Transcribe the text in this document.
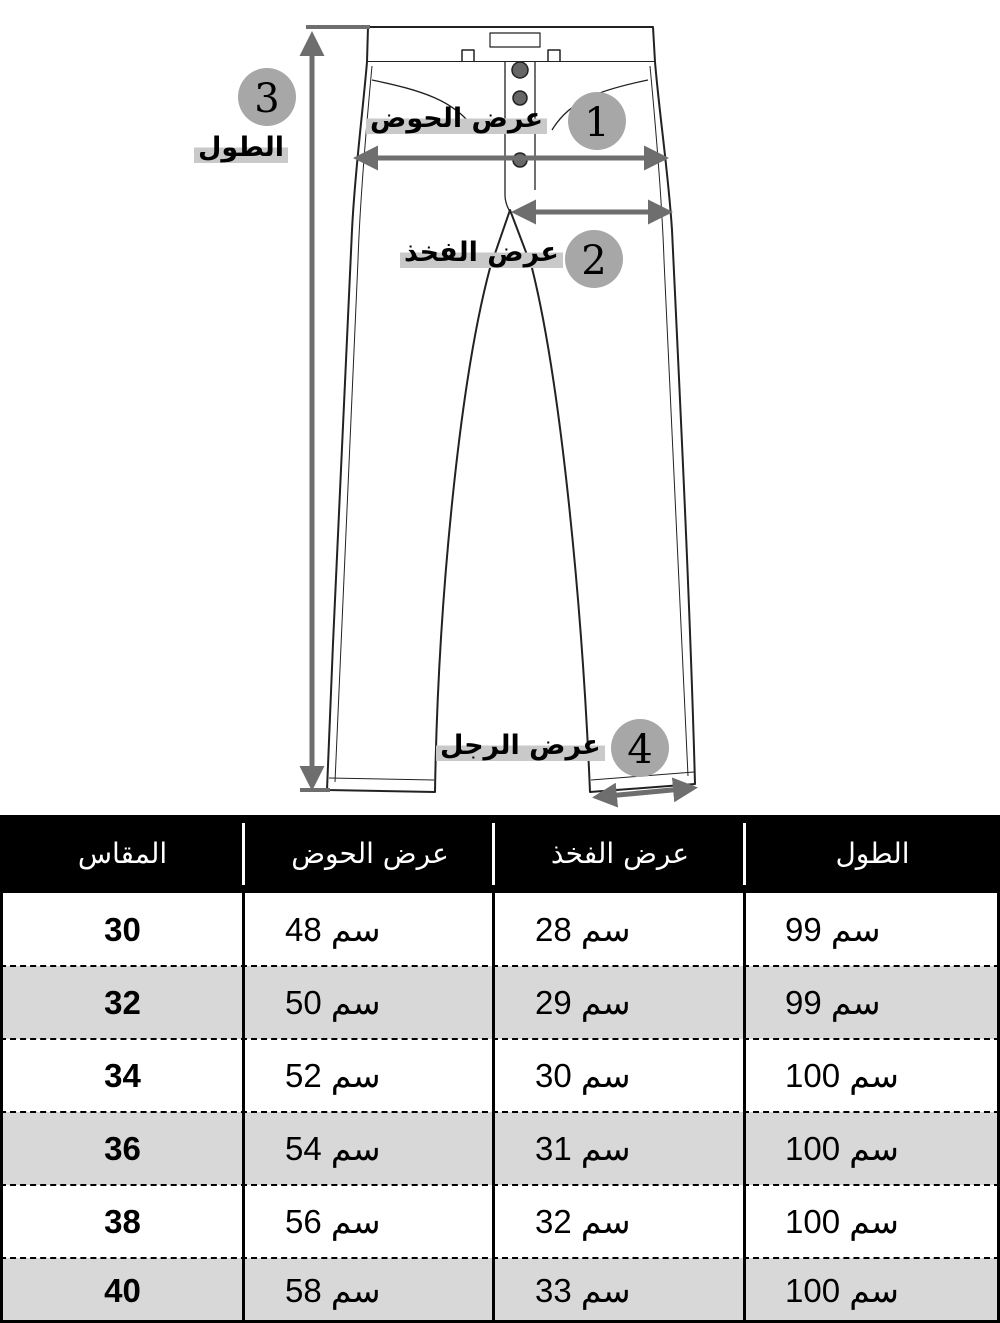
3
1
2
4
الطول
عرض الحوض
عرض الفخذ
عرض الرجل
المقاس	عرض الحوض	عرض الفخذ	الطول
30	48 سم	28 سم	99 سم
32	50 سم	29 سم	99 سم
34	52 سم	30 سم	100 سم
36	54 سم	31 سم	100 سم
38	56 سم	32 سم	100 سم
40	58 سم	33 سم	100 سم
